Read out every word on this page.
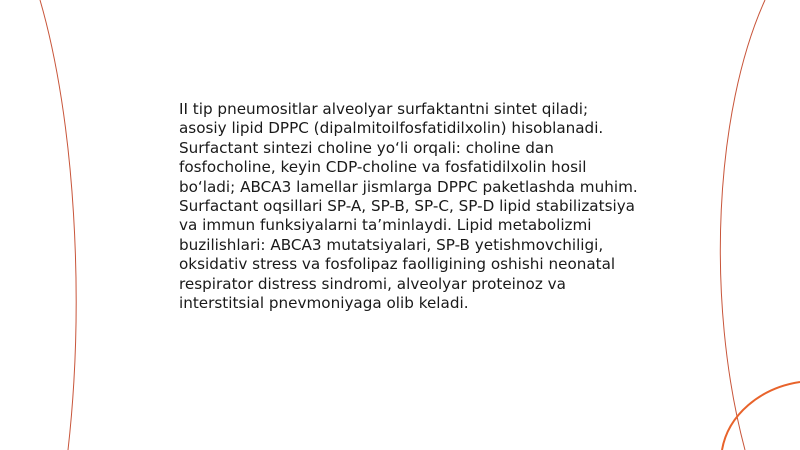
II tip pneumositlar alveolyar surfaktantni sintet qiladi; asosiy lipid DPPC (dipalmitoilfosfatidilxolin) hisoblanadi. Surfactant sintezi choline yo‘li orqali: choline dan fosfocholine, keyin CDP-choline va fosfatidilxolin hosil bo‘ladi; ABCA3 lamellar jismlarga DPPC paketlashda muhim. Surfactant oqsillari SP-A, SP-B, SP-C, SP-D lipid stabilizatsiya va immun funksiyalarni ta’minlaydi. Lipid metabolizmi buzilishlari: ABCA3 mutatsiyalari, SP-B yetishmovchiligi, oksidativ stress va fosfolipaz faolligining oshishi neonatal respirator distress sindromi, alveolyar proteinoz va interstitsial pnevmoniyaga olib keladi.
